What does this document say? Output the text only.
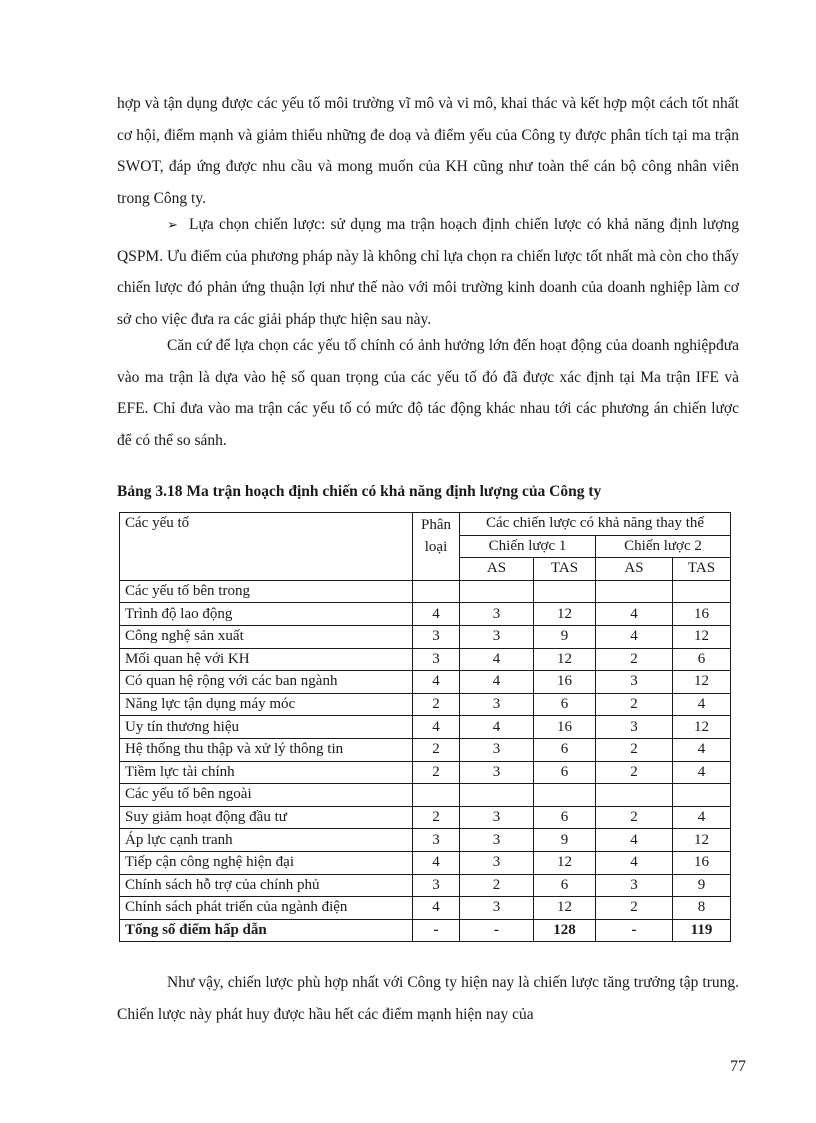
hợp và tận dụng được các yếu tố môi trường vĩ mô và vi mô, khai thác và kết hợp một cách tốt nhất cơ hội, điểm mạnh và giảm thiểu những đe doạ và điểm yếu của Công ty được phân tích tại ma trận SWOT, đáp ứng được nhu cầu và mong muốn của KH cũng như toàn thể cán bộ công nhân viên trong Công ty.

➢ Lựa chọn chiến lược: sử dụng ma trận hoạch định chiến lược có khả năng định lượng QSPM. Ưu điểm của phương pháp này là không chỉ lựa chọn ra chiến lược tốt nhất mà còn cho thấy chiến lược đó phản ứng thuận lợi như thế nào với môi trường kinh doanh của doanh nghiệp làm cơ sở cho việc đưa ra các giải pháp thực hiện sau này.

Căn cứ để lựa chọn các yếu tố chính có ảnh hưởng lớn đến hoạt động của doanh nghiệpđưa vào ma trận là dựa vào hệ số quan trọng của các yếu tố đó đã được xác định tại Ma trận IFE và EFE. Chỉ đưa vào ma trận các yếu tố có mức độ tác động khác nhau tới các phương án chiến lược để có thể so sánh.

Bảng 3.18 Ma trận hoạch định chiến có khả năng định lượng của Công ty

Các yếu tố	Phân loại	Các chiến lược có khả năng thay thế			
		Chiến lược 1		Chiến lược 2	
		AS	TAS	AS	TAS
Các yếu tố bên trong					
Trình độ lao động	4	3	12	4	16
Công nghệ sản xuất	3	3	9	4	12
Mối quan hệ với KH	3	4	12	2	6
Có quan hệ rộng với các ban ngành	4	4	16	3	12
Năng lực tận dụng máy móc	2	3	6	2	4
Uy tín thương hiệu	4	4	16	3	12
Hệ thống thu thập và xử lý thông tin	2	3	6	2	4
Tiềm lực tài chính	2	3	6	2	4
Các yếu tố bên ngoài					
Suy giảm hoạt động đầu tư	2	3	6	2	4
Áp lực cạnh tranh	3	3	9	4	12
Tiếp cận công nghệ hiện đại	4	3	12	4	16
Chính sách hỗ trợ của chính phủ	3	2	6	3	9
Chính sách phát triển của ngành điện	4	3	12	2	8
Tổng số điểm hấp dẫn	-	-	128	-	119

Như vậy, chiến lược phù hợp nhất với Công ty hiện nay là chiến lược tăng trưởng tập trung. Chiến lược này phát huy được hầu hết các điểm mạnh hiện nay của

77
